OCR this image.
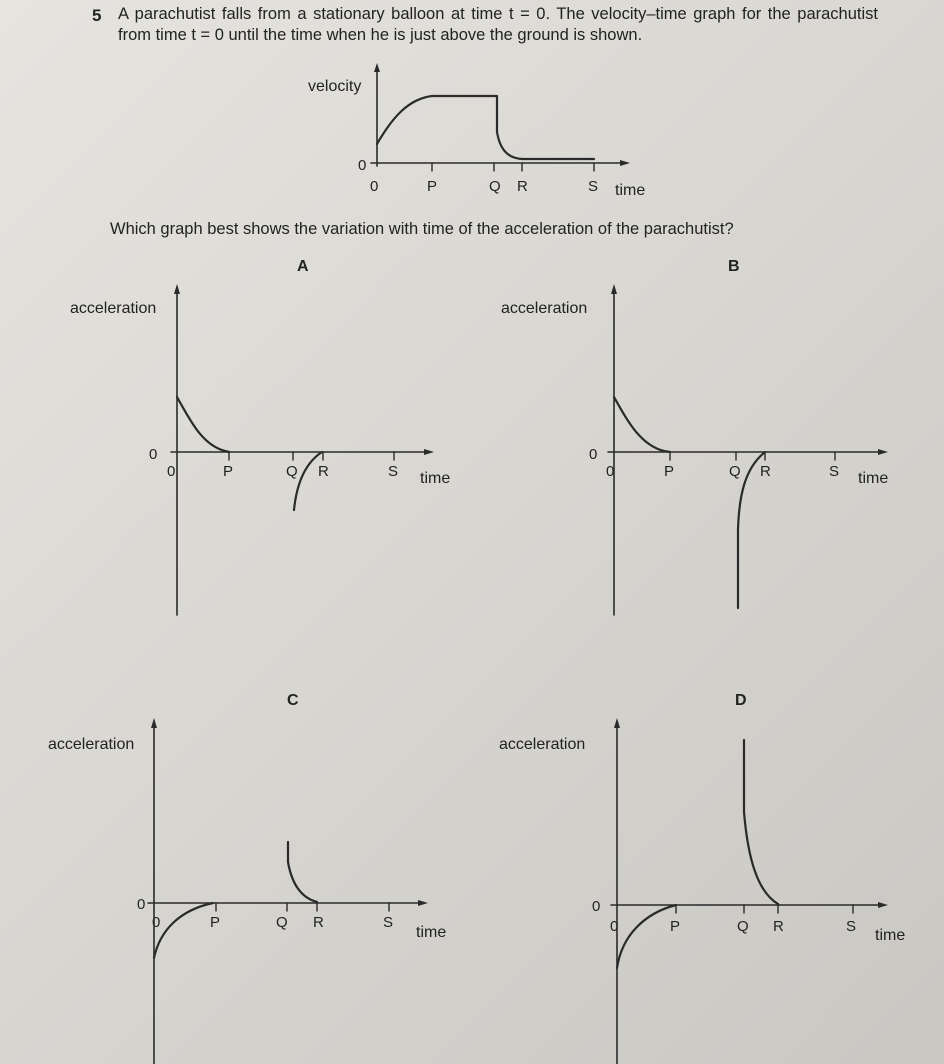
5 A parachutist falls from a stationary balloon at time t = 0. The velocity–time graph for the parachutist from time t = 0 until the time when he is just above the ground is shown.
velocity
0
0	P	Q R	S time
Which graph best shows the variation with time of the acceleration of the parachutist?
A
acceleration
0
0	P	Q R	S time
B
acceleration
0
0	P	Q R	S time
C
acceleration
0
0	P	Q R	S
time
D
acceleration
0
0	P	Q R	S
time
